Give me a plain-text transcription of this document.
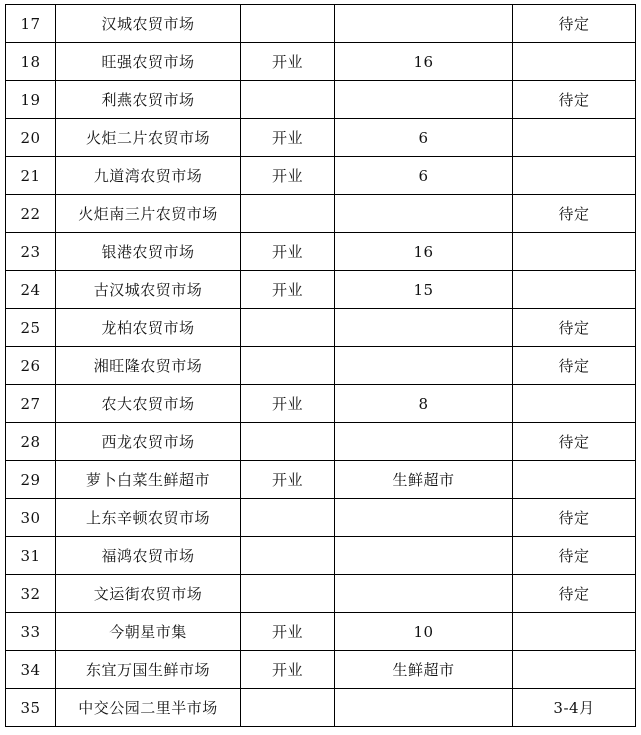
17	汉城农贸市场			待定
18	旺强农贸市场	开业	16	
19	利燕农贸市场			待定
20	火炬二片农贸市场	开业	6	
21	九道湾农贸市场	开业	6	
22	火炬南三片农贸市场			待定
23	银港农贸市场	开业	16	
24	古汉城农贸市场	开业	15	
25	龙柏农贸市场			待定
26	湘旺隆农贸市场			待定
27	农大农贸市场	开业	8	
28	西龙农贸市场			待定
29	萝卜白菜生鲜超市	开业	生鲜超市	
30	上东辛顿农贸市场			待定
31	福鸿农贸市场			待定
32	文运街农贸市场			待定
33	今朝星市集	开业	10	
34	东宜万国生鲜市场	开业	生鲜超市	
35	中交公园二里半市场			3-4月
